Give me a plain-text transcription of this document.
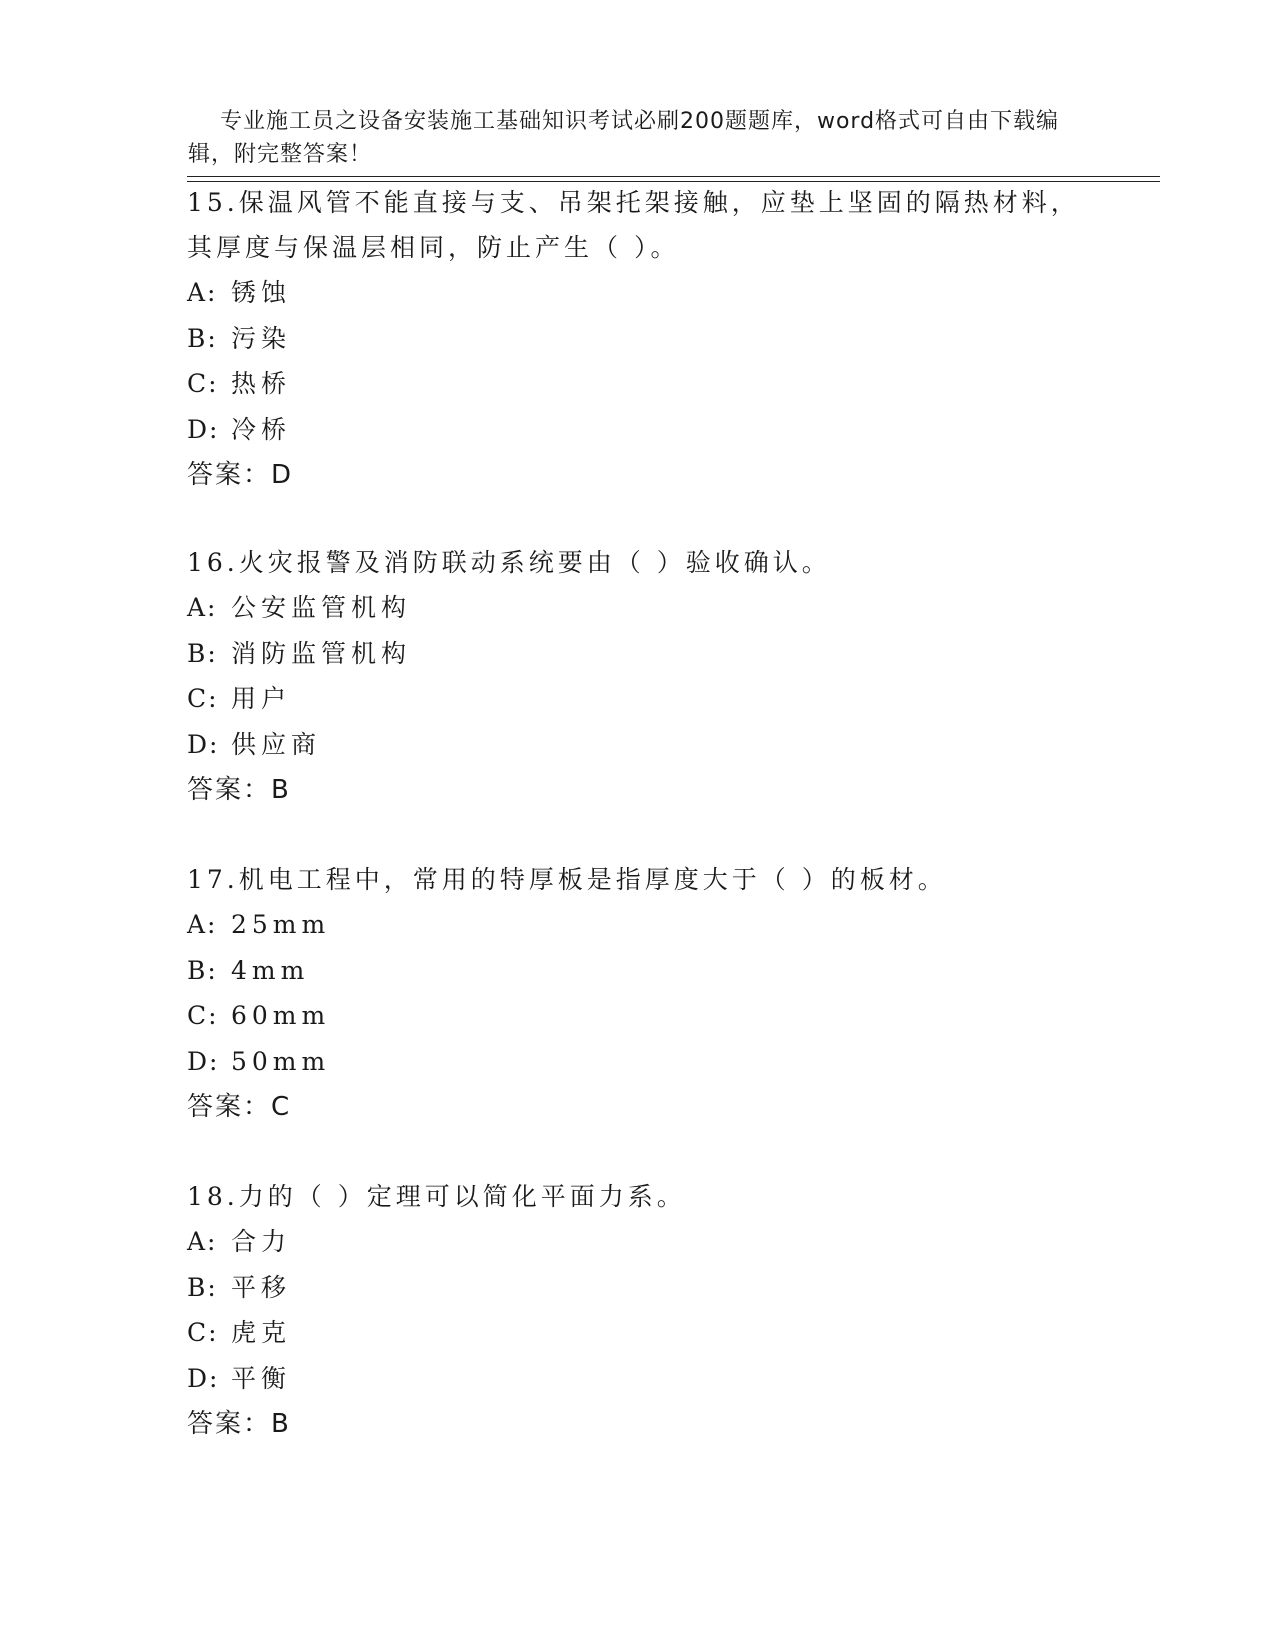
专业施工员之设备安装施工基础知识考试必刷200题题库，word格式可自由下载编辑，附完整答案！

15.保温风管不能直接与支、吊架托架接触，应垫上坚固的隔热材料，其厚度与保温层相同，防止产生（ ）。

A: 锈蚀

B: 污染

C: 热桥

D: 冷桥

答案：D

16.火灾报警及消防联动系统要由（ ）验收确认。

A: 公安监管机构

B: 消防监管机构

C: 用户

D: 供应商

答案：B

17.机电工程中，常用的特厚板是指厚度大于（ ）的板材。

A: 25mm

B: 4mm

C: 60mm

D: 50mm

答案：C

18.力的（ ）定理可以简化平面力系。

A: 合力

B: 平移

C: 虎克

D: 平衡

答案：B
